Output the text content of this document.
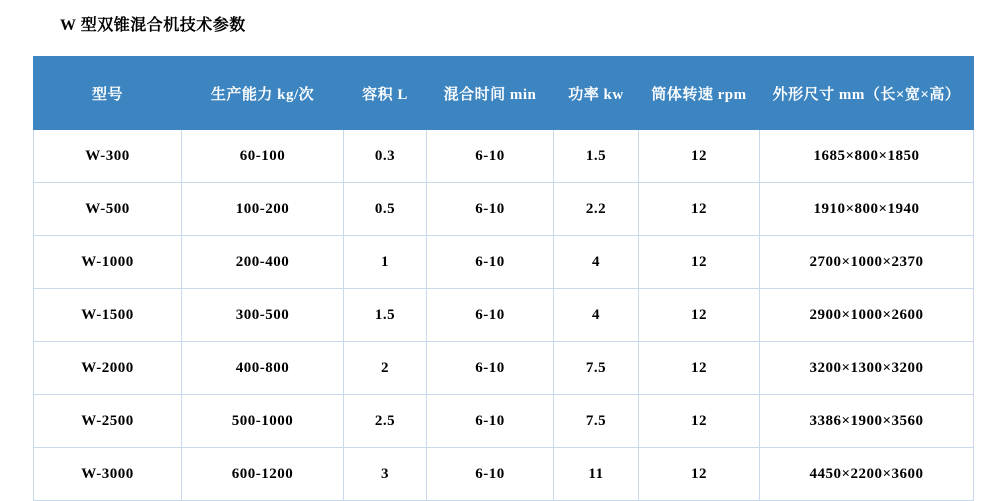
W 型双锥混合机技术参数
型号	生产能力 kg/次	容积 L	混合时间 min	功率 kw	筒体转速 rpm	外形尺寸 mm（长×宽×高）
W-300	60-100	0.3	6-10	1.5	12	1685×800×1850
W-500	100-200	0.5	6-10	2.2	12	1910×800×1940
W-1000	200-400	1	6-10	4	12	2700×1000×2370
W-1500	300-500	1.5	6-10	4	12	2900×1000×2600
W-2000	400-800	2	6-10	7.5	12	3200×1300×3200
W-2500	500-1000	2.5	6-10	7.5	12	3386×1900×3560
W-3000	600-1200	3	6-10	11	12	4450×2200×3600
